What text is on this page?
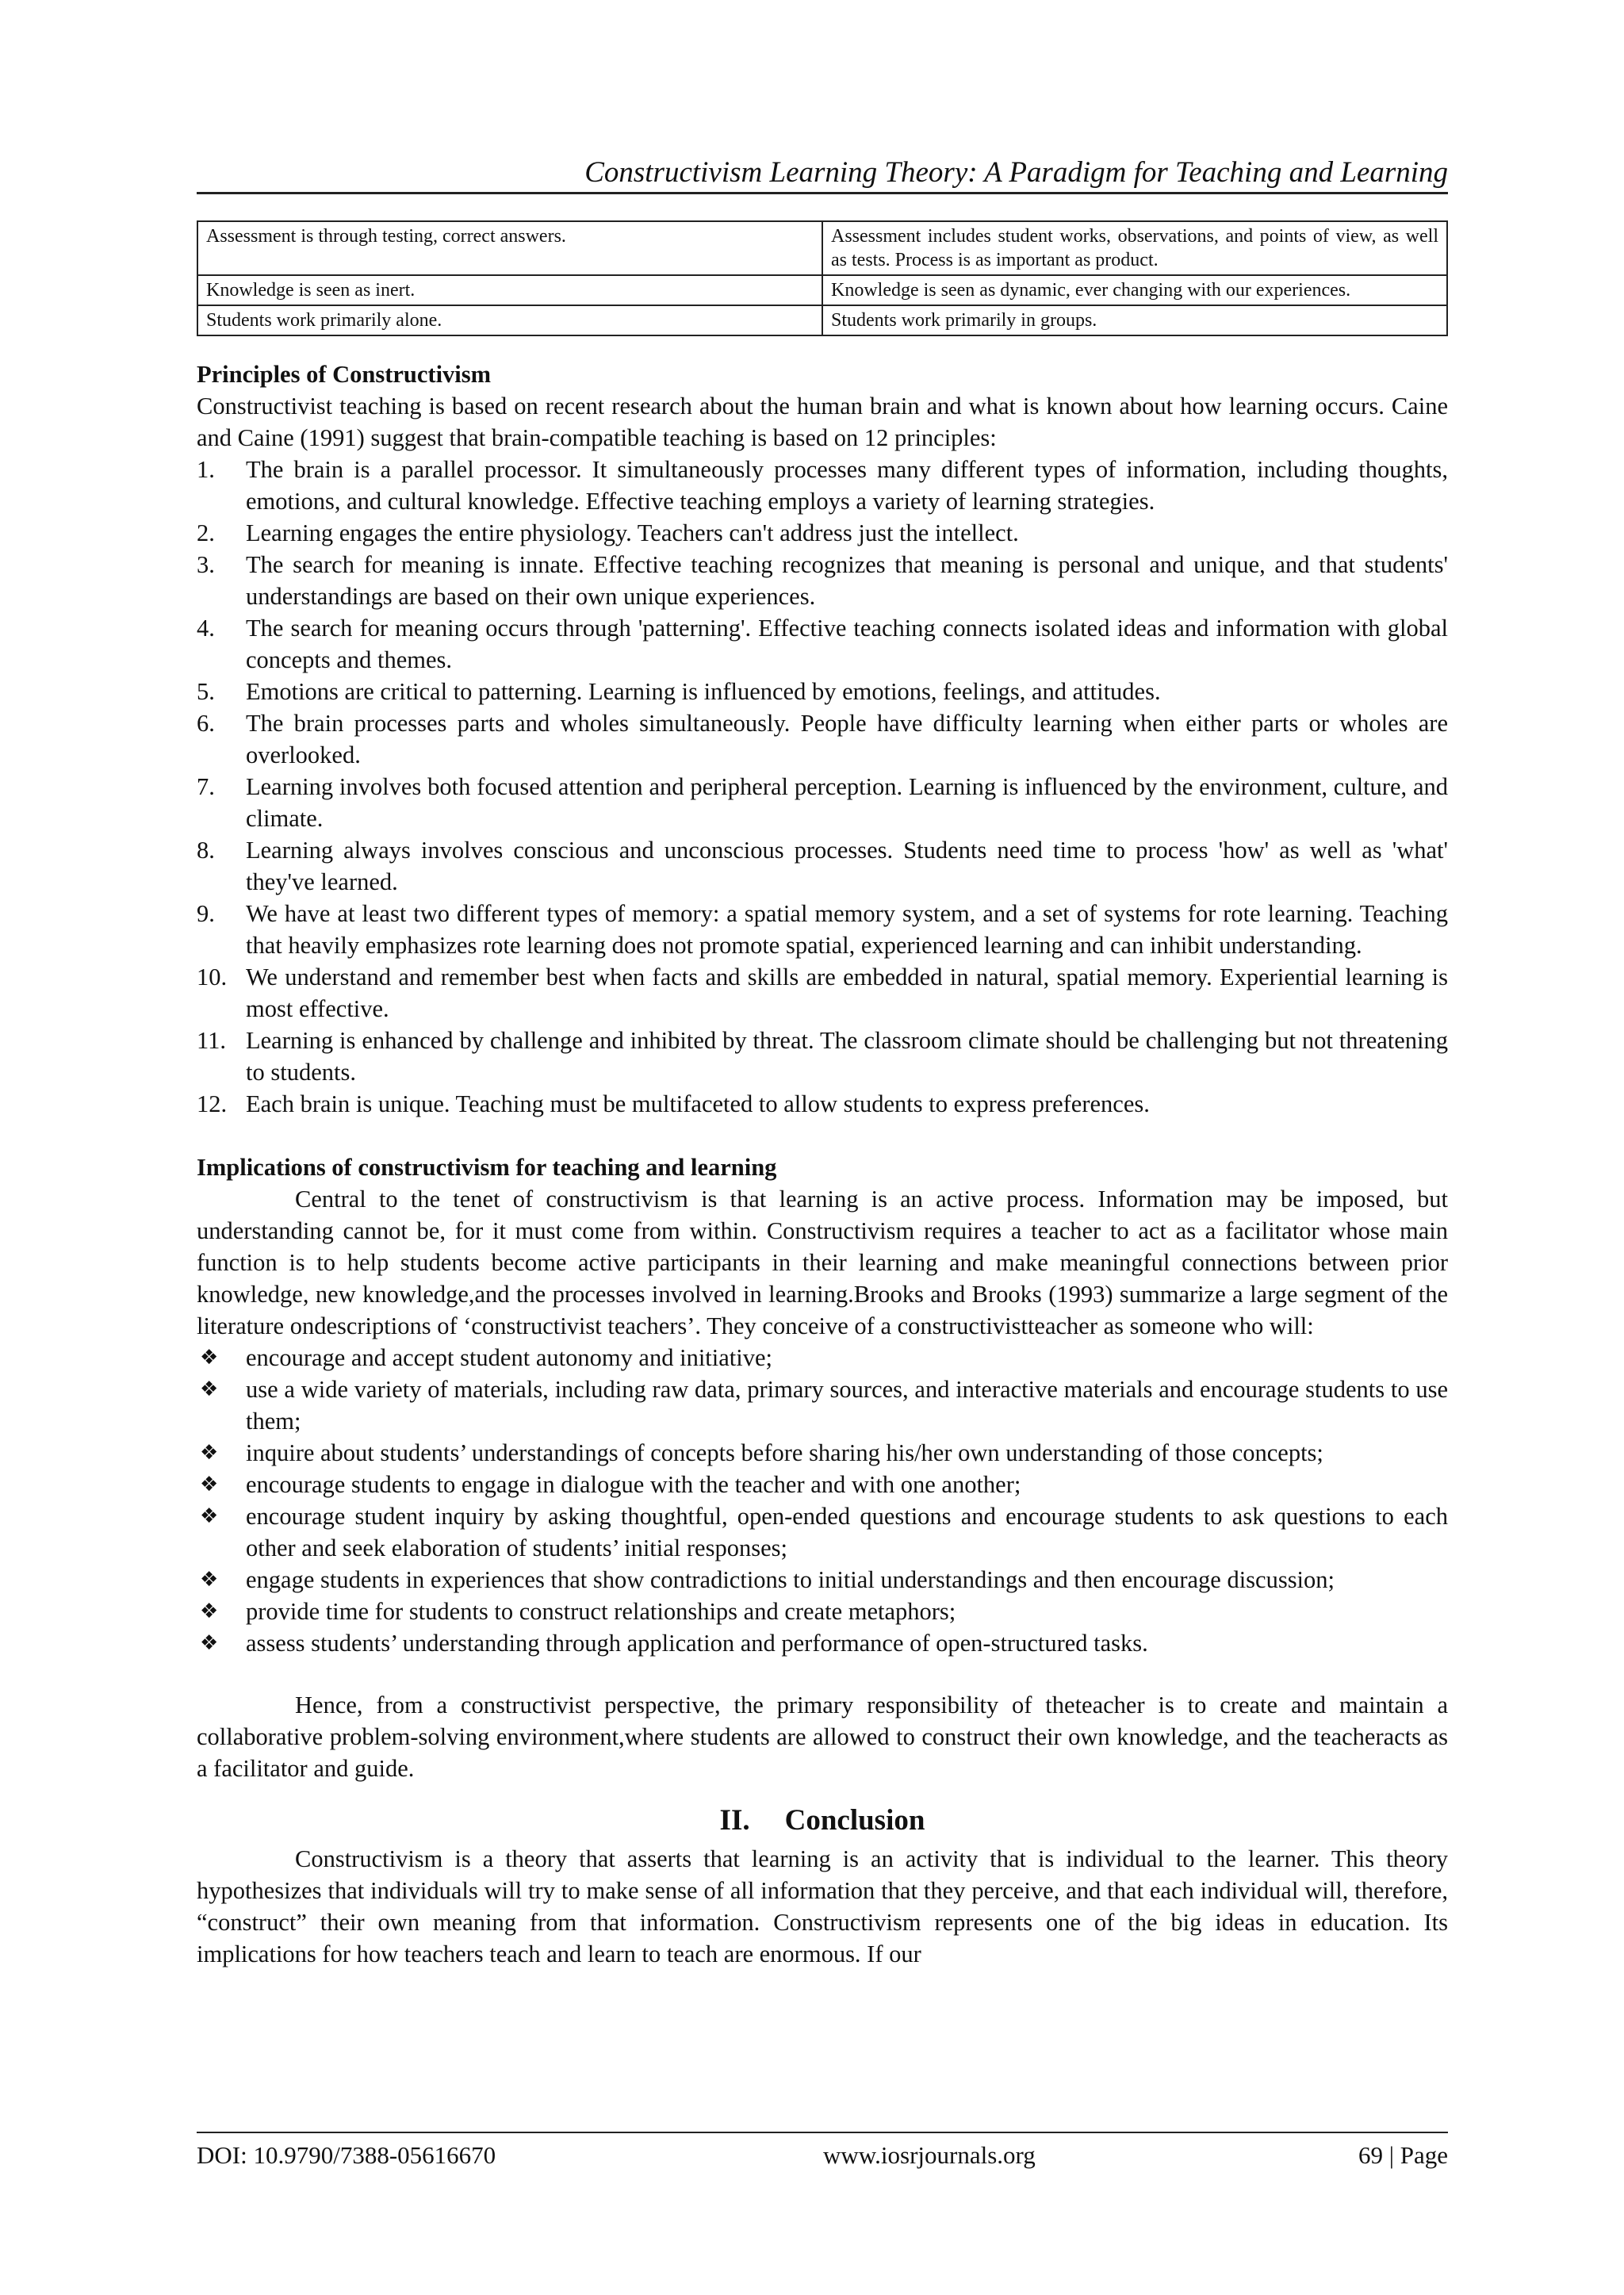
Constructivism Learning Theory: A Paradigm for Teaching and Learning
Assessment is through testing, correct answers.	Assessment includes student works, observations, and points of view, as well as tests. Process is as important as product.
Knowledge is seen as inert.	Knowledge is seen as dynamic, ever changing with our experiences.
Students work primarily alone.	Students work primarily in groups.
Principles of Constructivism

Constructivist teaching is based on recent research about the human brain and what is known about how learning occurs. Caine and Caine (1991) suggest that brain-compatible teaching is based on 12 principles:

1. The brain is a parallel processor. It simultaneously processes many different types of information, including thoughts, emotions, and cultural knowledge. Effective teaching employs a variety of learning strategies.
2. Learning engages the entire physiology. Teachers can't address just the intellect.
3. The search for meaning is innate. Effective teaching recognizes that meaning is personal and unique, and that students' understandings are based on their own unique experiences.
4. The search for meaning occurs through 'patterning'. Effective teaching connects isolated ideas and information with global concepts and themes.
5. Emotions are critical to patterning. Learning is influenced by emotions, feelings, and attitudes.
6. The brain processes parts and wholes simultaneously. People have difficulty learning when either parts or wholes are overlooked.
7. Learning involves both focused attention and peripheral perception. Learning is influenced by the environment, culture, and climate.
8. Learning always involves conscious and unconscious processes. Students need time to process 'how' as well as 'what' they've learned.
9. We have at least two different types of memory: a spatial memory system, and a set of systems for rote learning. Teaching that heavily emphasizes rote learning does not promote spatial, experienced learning and can inhibit understanding.
10. We understand and remember best when facts and skills are embedded in natural, spatial memory. Experiential learning is most effective.
11. Learning is enhanced by challenge and inhibited by threat. The classroom climate should be challenging but not threatening to students.
12. Each brain is unique. Teaching must be multifaceted to allow students to express preferences.
Implications of constructivism for teaching and learning

Central to the tenet of constructivism is that learning is an active process. Information may be imposed, but understanding cannot be, for it must come from within. Constructivism requires a teacher to act as a facilitator whose main function is to help students become active participants in their learning and make meaningful connections between prior knowledge, new knowledge,and the processes involved in learning.Brooks and Brooks (1993) summarize a large segment of the literature ondescriptions of ‘constructivist teachers’. They conceive of a constructivistteacher as someone who will:

❖ encourage and accept student autonomy and initiative;
❖ use a wide variety of materials, including raw data, primary sources, and interactive materials and encourage students to use them;
❖ inquire about students’ understandings of concepts before sharing his/her own understanding of those concepts;
❖ encourage students to engage in dialogue with the teacher and with one another;
❖ encourage student inquiry by asking thoughtful, open-ended questions and encourage students to ask questions to each other and seek elaboration of students’ initial responses;
❖ engage students in experiences that show contradictions to initial understandings and then encourage discussion;
❖ provide time for students to construct relationships and create metaphors;
❖ assess students’ understanding through application and performance of open-structured tasks.

Hence, from a constructivist perspective, the primary responsibility of theteacher is to create and maintain a collaborative problem-solving environment,where students are allowed to construct their own knowledge, and the teacheracts as a facilitator and guide.

II. Conclusion

Constructivism is a theory that asserts that learning is an activity that is individual to the learner. This theory hypothesizes that individuals will try to make sense of all information that they perceive, and that each individual will, therefore, “construct” their own meaning from that information. Constructivism represents one of the big ideas in education. Its implications for how teachers teach and learn to teach are enormous. If our

DOI: 10.9790/7388-05616670	www.iosrjournals.org	69 | Page
